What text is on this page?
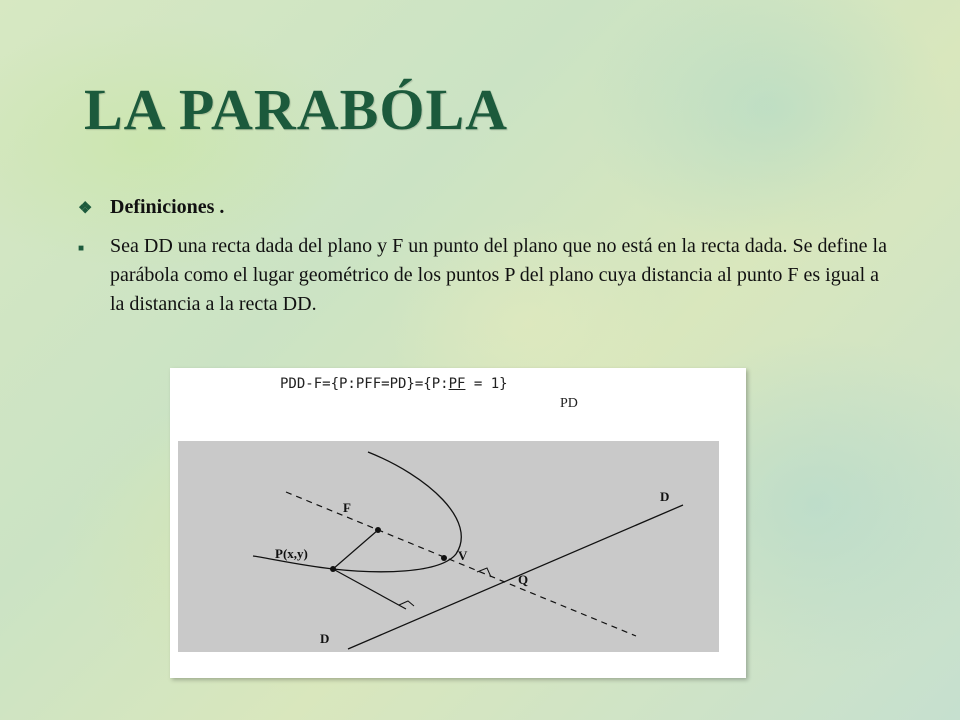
LA PARABÓLA
❖ Definiciones .
■	Sea DD una recta dada del plano y F un punto del plano que no está en la recta dada. Se define la parábola como el lugar geométrico de los puntos P del plano cuya distancia al punto F es igual a la distancia a la recta DD.
PDD-F={P:PFF=PD}={P:PF = 1}
PD
F
V
P(x,y)
Q
D
D
